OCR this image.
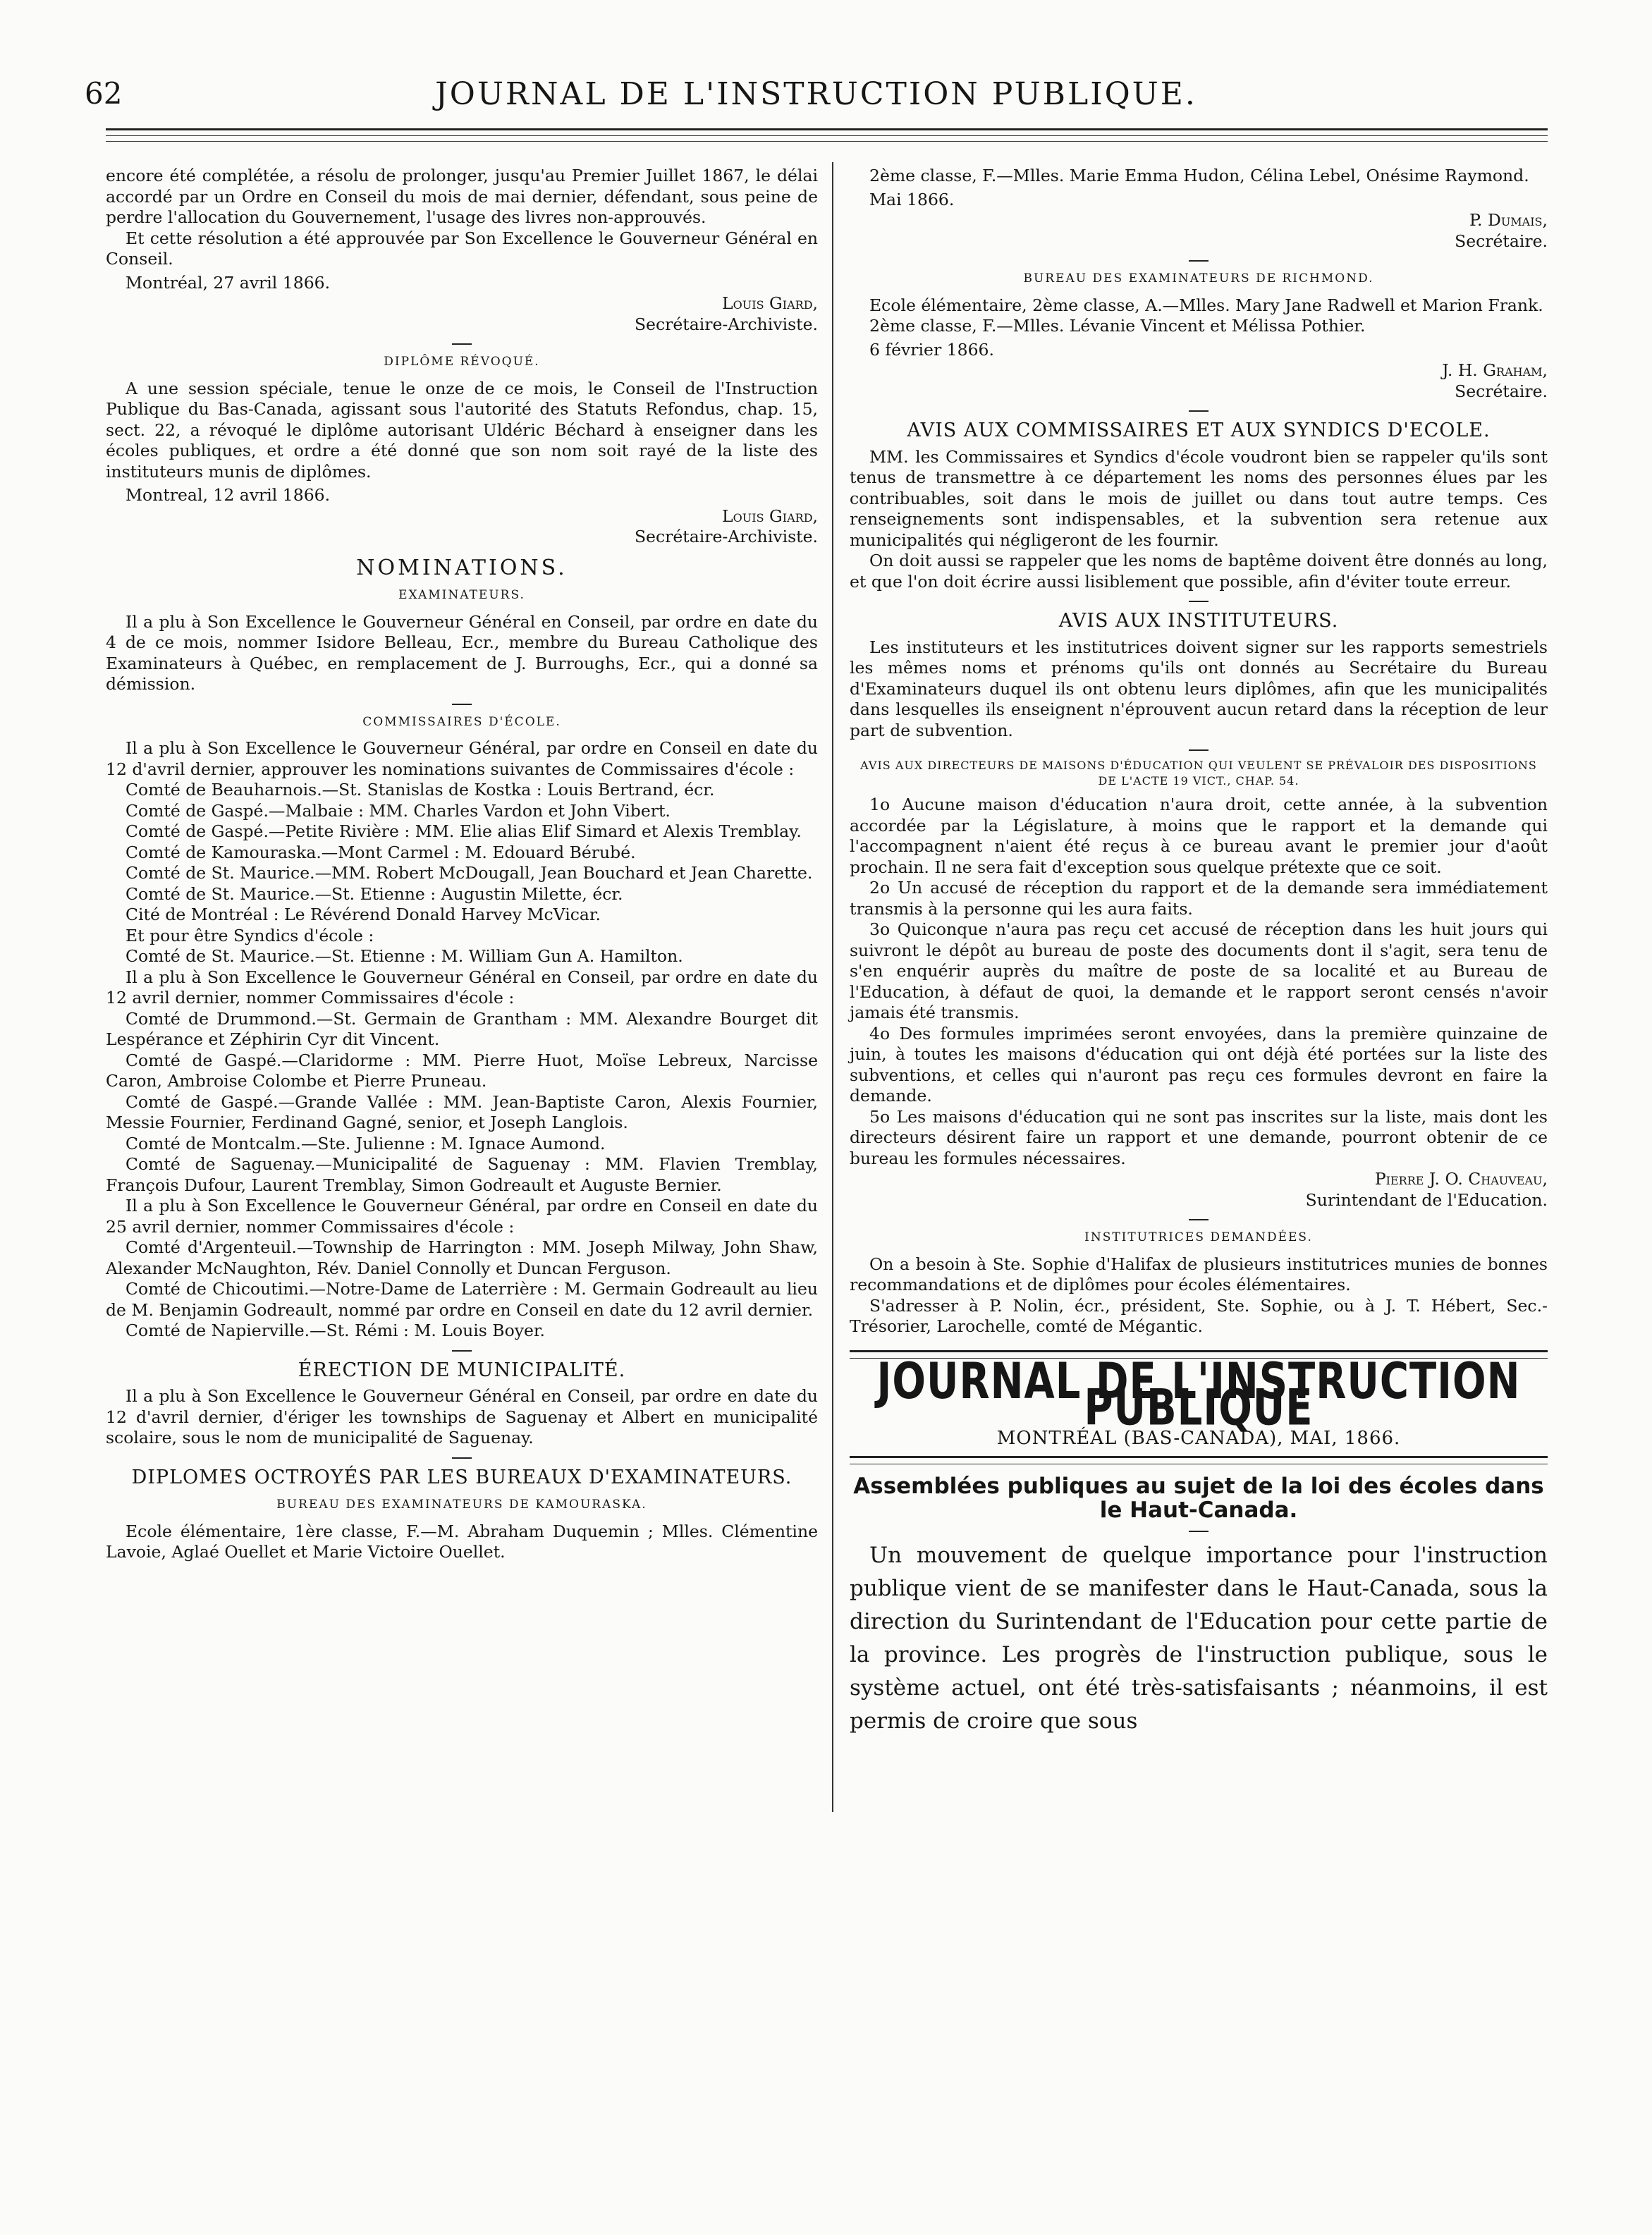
62	JOURNAL DE L'INSTRUCTION PUBLIQUE.

encore été complétée, a résolu de prolonger, jusqu'au Premier Juillet 1867, le délai accordé par un Ordre en Conseil du mois de mai dernier, défendant, sous peine de perdre l'allocation du Gouvernement, l'usage des livres non-approuvés.

Et cette résolution a été approuvée par Son Excellence le Gouverneur Général en Conseil.

Montréal, 27 avril 1866.

Louis Giard,

Secrétaire-Archiviste.

DIPLÔME RÉVOQUÉ.

A une session spéciale, tenue le onze de ce mois, le Conseil de l'Instruction Publique du Bas-Canada, agissant sous l'autorité des Statuts Refondus, chap. 15, sect. 22, a révoqué le diplôme autorisant Uldéric Béchard à enseigner dans les écoles publiques, et ordre a été donné que son nom soit rayé de la liste des instituteurs munis de diplômes.

Montreal, 12 avril 1866.

Louis Giard,

Secrétaire-Archiviste.

NOMINATIONS.
EXAMINATEURS.

Il a plu à Son Excellence le Gouverneur Général en Conseil, par ordre en date du 4 de ce mois, nommer Isidore Belleau, Ecr., membre du Bureau Catholique des Examinateurs à Québec, en remplacement de J. Burroughs, Ecr., qui a donné sa démission.

COMMISSAIRES D'ÉCOLE.

Il a plu à Son Excellence le Gouverneur Général, par ordre en Conseil en date du 12 d'avril dernier, approuver les nominations suivantes de Commissaires d'école :

Comté de Beauharnois.—St. Stanislas de Kostka : Louis Bertrand, écr.

Comté de Gaspé.—Malbaie : MM. Charles Vardon et John Vibert.

Comté de Gaspé.—Petite Rivière : MM. Elie alias Elif Simard et Alexis Tremblay.

Comté de Kamouraska.—Mont Carmel : M. Edouard Bérubé.

Comté de St. Maurice.—MM. Robert McDougall, Jean Bouchard et Jean Charette.

Comté de St. Maurice.—St. Etienne : Augustin Milette, écr.

Cité de Montréal : Le Révérend Donald Harvey McVicar.

Et pour être Syndics d'école :

Comté de St. Maurice.—St. Etienne : M. William Gun A. Hamilton.

Il a plu à Son Excellence le Gouverneur Général en Conseil, par ordre en date du 12 avril dernier, nommer Commissaires d'école :

Comté de Drummond.—St. Germain de Grantham : MM. Alexandre Bourget dit Lespérance et Zéphirin Cyr dit Vincent.

Comté de Gaspé.—Claridorme : MM. Pierre Huot, Moïse Lebreux, Narcisse Caron, Ambroise Colombe et Pierre Pruneau.

Comté de Gaspé.—Grande Vallée : MM. Jean-Baptiste Caron, Alexis Fournier, Messie Fournier, Ferdinand Gagné, senior, et Joseph Langlois.

Comté de Montcalm.—Ste. Julienne : M. Ignace Aumond.

Comté de Saguenay.—Municipalité de Saguenay : MM. Flavien Tremblay, François Dufour, Laurent Tremblay, Simon Godreault et Auguste Bernier.

Il a plu à Son Excellence le Gouverneur Général, par ordre en Conseil en date du 25 avril dernier, nommer Commissaires d'école :

Comté d'Argenteuil.—Township de Harrington : MM. Joseph Milway, John Shaw, Alexander McNaughton, Rév. Daniel Connolly et Duncan Ferguson.

Comté de Chicoutimi.—Notre-Dame de Laterrière : M. Germain Godreault au lieu de M. Benjamin Godreault, nommé par ordre en Conseil en date du 12 avril dernier.

Comté de Napierville.—St. Rémi : M. Louis Boyer.

ÉRECTION DE MUNICIPALITÉ.

Il a plu à Son Excellence le Gouverneur Général en Conseil, par ordre en date du 12 d'avril dernier, d'ériger les townships de Saguenay et Albert en municipalité scolaire, sous le nom de municipalité de Saguenay.

DIPLOMES OCTROYÉS PAR LES BUREAUX D'EXAMINATEURS.
BUREAU DES EXAMINATEURS DE KAMOURASKA.

Ecole élémentaire, 1ère classe, F.—M. Abraham Duquemin ; Mlles. Clémentine Lavoie, Aglaé Ouellet et Marie Victoire Ouellet.

2ème classe, F.—Mlles. Marie Emma Hudon, Célina Lebel, Onésime Raymond.

Mai 1866.

P. Dumais,

Secrétaire.

BUREAU DES EXAMINATEURS DE RICHMOND.

Ecole élémentaire, 2ème classe, A.—Mlles. Mary Jane Radwell et Marion Frank.

2ème classe, F.—Mlles. Lévanie Vincent et Mélissa Pothier.

6 février 1866.

J. H. Graham,

Secrétaire.

AVIS AUX COMMISSAIRES ET AUX SYNDICS D'ECOLE.

MM. les Commissaires et Syndics d'école voudront bien se rappeler qu'ils sont tenus de transmettre à ce département les noms des personnes élues par les contribuables, soit dans le mois de juillet ou dans tout autre temps. Ces renseignements sont indispensables, et la subvention sera retenue aux municipalités qui négligeront de les fournir.

On doit aussi se rappeler que les noms de baptême doivent être donnés au long, et que l'on doit écrire aussi lisiblement que possible, afin d'éviter toute erreur.

AVIS AUX INSTITUTEURS.

Les instituteurs et les institutrices doivent signer sur les rapports semestriels les mêmes noms et prénoms qu'ils ont donnés au Secrétaire du Bureau d'Examinateurs duquel ils ont obtenu leurs diplômes, afin que les municipalités dans lesquelles ils enseignent n'éprouvent aucun retard dans la réception de leur part de subvention.

AVIS AUX DIRECTEURS DE MAISONS D'ÉDUCATION QUI VEULENT SE PRÉVALOIR DES DISPOSITIONS DE L'ACTE 19 VICT., CHAP. 54.

1o Aucune maison d'éducation n'aura droit, cette année, à la subvention accordée par la Législature, à moins que le rapport et la demande qui l'accompagnent n'aient été reçus à ce bureau avant le premier jour d'août prochain. Il ne sera fait d'exception sous quelque prétexte que ce soit.

2o Un accusé de réception du rapport et de la demande sera immédiatement transmis à la personne qui les aura faits.

3o Quiconque n'aura pas reçu cet accusé de réception dans les huit jours qui suivront le dépôt au bureau de poste des documents dont il s'agit, sera tenu de s'en enquérir auprès du maître de poste de sa localité et au Bureau de l'Education, à défaut de quoi, la demande et le rapport seront censés n'avoir jamais été transmis.

4o Des formules imprimées seront envoyées, dans la première quinzaine de juin, à toutes les maisons d'éducation qui ont déjà été portées sur la liste des subventions, et celles qui n'auront pas reçu ces formules devront en faire la demande.

5o Les maisons d'éducation qui ne sont pas inscrites sur la liste, mais dont les directeurs désirent faire un rapport et une demande, pourront obtenir de ce bureau les formules nécessaires.

Pierre J. O. Chauveau,

Surintendant de l'Education.

INSTITUTRICES DEMANDÉES.

On a besoin à Ste. Sophie d'Halifax de plusieurs institutrices munies de bonnes recommandations et de diplômes pour écoles élémentaires.

S'adresser à P. Nolin, écr., président, Ste. Sophie, ou à J. T. Hébert, Sec.-Trésorier, Larochelle, comté de Mégantic.

JOURNAL DE L'INSTRUCTION PUBLIQUE
MONTRÉAL (BAS-CANADA), MAI, 1866.
Assemblées publiques au sujet de la loi des écoles dans le Haut-Canada.

Un mouvement de quelque importance pour l'instruction publique vient de se manifester dans le Haut-Canada, sous la direction du Surintendant de l'Education pour cette partie de la province. Les progrès de l'instruction publique, sous le système actuel, ont été très-satisfaisants ; néanmoins, il est permis de croire que sous
